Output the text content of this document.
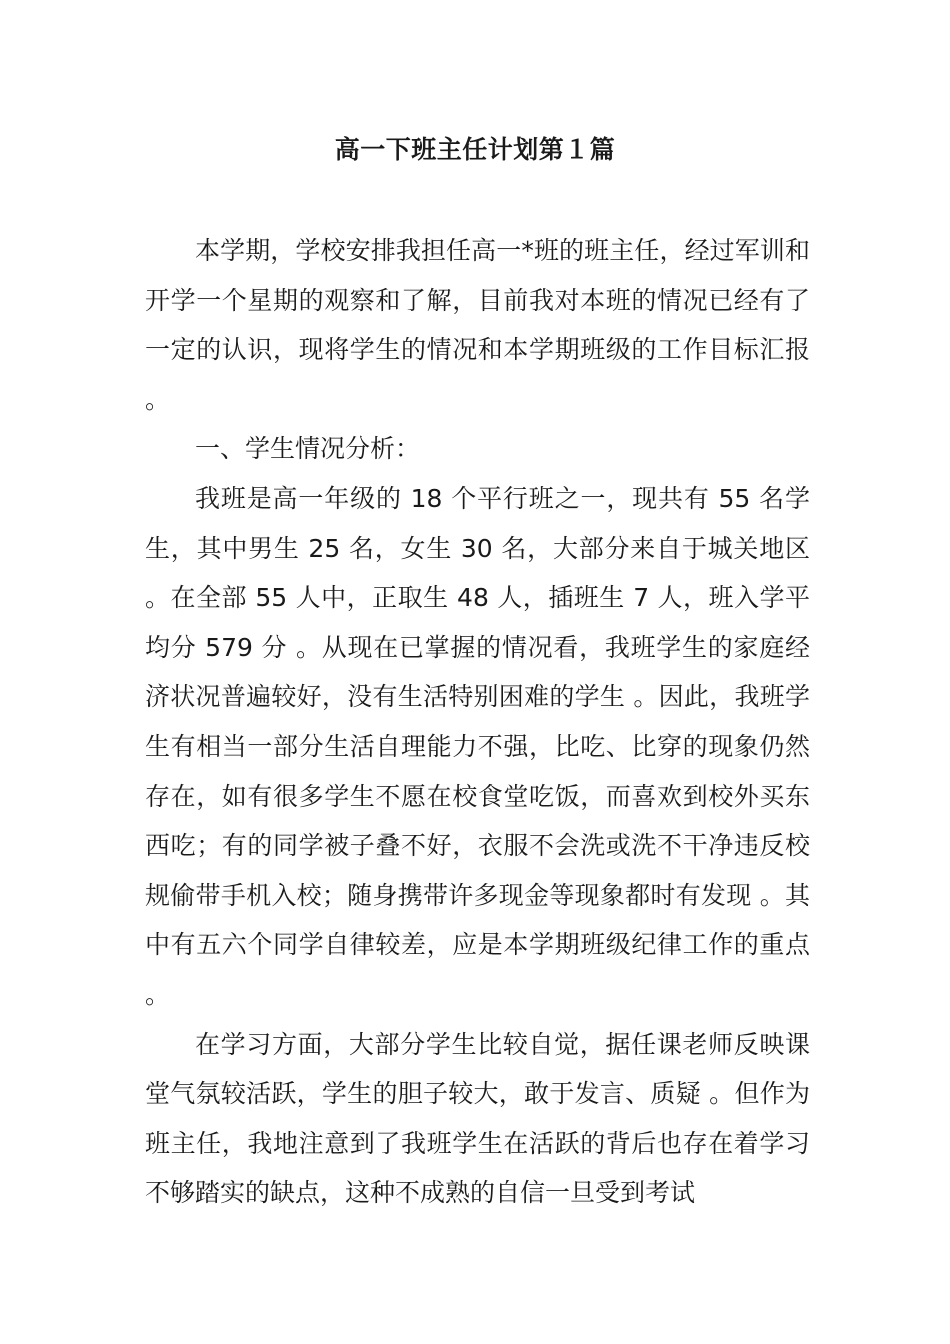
高一下班主任计划第１篇

本学期，学校安排我担任高一*班的班主任，经过军训和开学一个星期的观察和了解，目前我对本班的情况已经有了一定的认识，现将学生的情况和本学期班级的工作目标汇报 。

一、学生情况分析：

我班是高一年级的 18 个平行班之一，现共有 55 名学生，其中男生 25 名，女生 30 名，大部分来自于城关地区 。在全部 55 人中，正取生 48 人，插班生 7 人，班入学平均分 579 分 。从现在已掌握的情况看，我班学生的家庭经济状况普遍较好，没有生活特别困难的学生 。因此，我班学生有相当一部分生活自理能力不强，比吃、比穿的现象仍然存在，如有很多学生不愿在校食堂吃饭，而喜欢到校外买东西吃；有的同学被子叠不好，衣服不会洗或洗不干净违反校规偷带手机入校；随身携带许多现金等现象都时有发现 。其中有五六个同学自律较差，应是本学期班级纪律工作的重点 。

在学习方面，大部分学生比较自觉，据任课老师反映课堂气氛较活跃，学生的胆子较大，敢于发言、质疑 。但作为班主任，我地注意到了我班学生在活跃的背后也存在着学习不够踏实的缺点，这种不成熟的自信一旦受到考试
